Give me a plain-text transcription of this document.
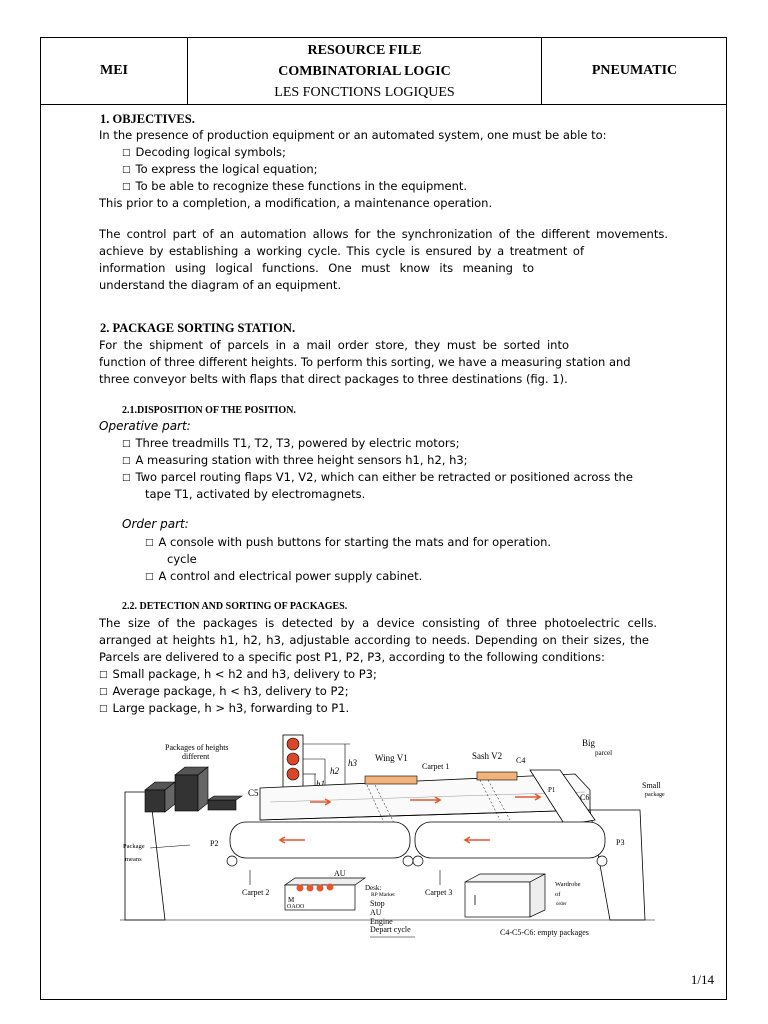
MEI
RESOURCE FILE
COMBINATORIAL LOGIC
LES FONCTIONS LOGIQUES
PNEUMATIC
1. OBJECTIVES.
In the presence of production equipment or an automated system, one must be able to:
□ Decoding logical symbols;
□ To express the logical equation;
□ To be able to recognize these functions in the equipment.
This prior to a completion, a modification, a maintenance operation.
The control part of an automation allows for the synchronization of the different movements.
achieve by establishing a working cycle. This cycle is ensured by a treatment of
information using logical functions. One must know its meaning to
understand the diagram of an equipment.
2. PACKAGE SORTING STATION.
For the shipment of parcels in a mail order store, they must be sorted into
function of three different heights. To perform this sorting, we have a measuring station and
three conveyor belts with flaps that direct packages to three destinations (fig. 1).
2.1.DISPOSITION OF THE POSITION.
Operative part:
□ Three treadmills T1, T2, T3, powered by electric motors;
□ A measuring station with three height sensors h1, h2, h3;
□ Two parcel routing flaps V1, V2, which can either be retracted or positioned across the
tape T1, activated by electromagnets.
Order part:
□ A console with push buttons for starting the mats and for operation.
cycle
□ A control and electrical power supply cabinet.
2.2. DETECTION AND SORTING OF PACKAGES.
The size of the packages is detected by a device consisting of three photoelectric cells.
arranged at heights h1, h2, h3, adjustable according to needs. Depending on their sizes, the
Parcels are delivered to a specific post P1, P2, P3, according to the following conditions:
□ Small package, h < h2 and h3, delivery to P3;
□ Average package, h < h3, delivery to P2;
□ Large package, h > h3, forwarding to P1.
Packages of heights
different
h3
h2
h1
C5
Wing V1
Carpet 1
Sash V2 C4
Big
parcel
P1
C6
Small
package
Package
means
P2	P3
AU
Carpet 2
M
OAOO
Desk:
RP Market
Stop
AU
Engine
Depart cycle
Carpet 3
Wardrobe
of
order
C4-C5-C6: empty packages
1/14
